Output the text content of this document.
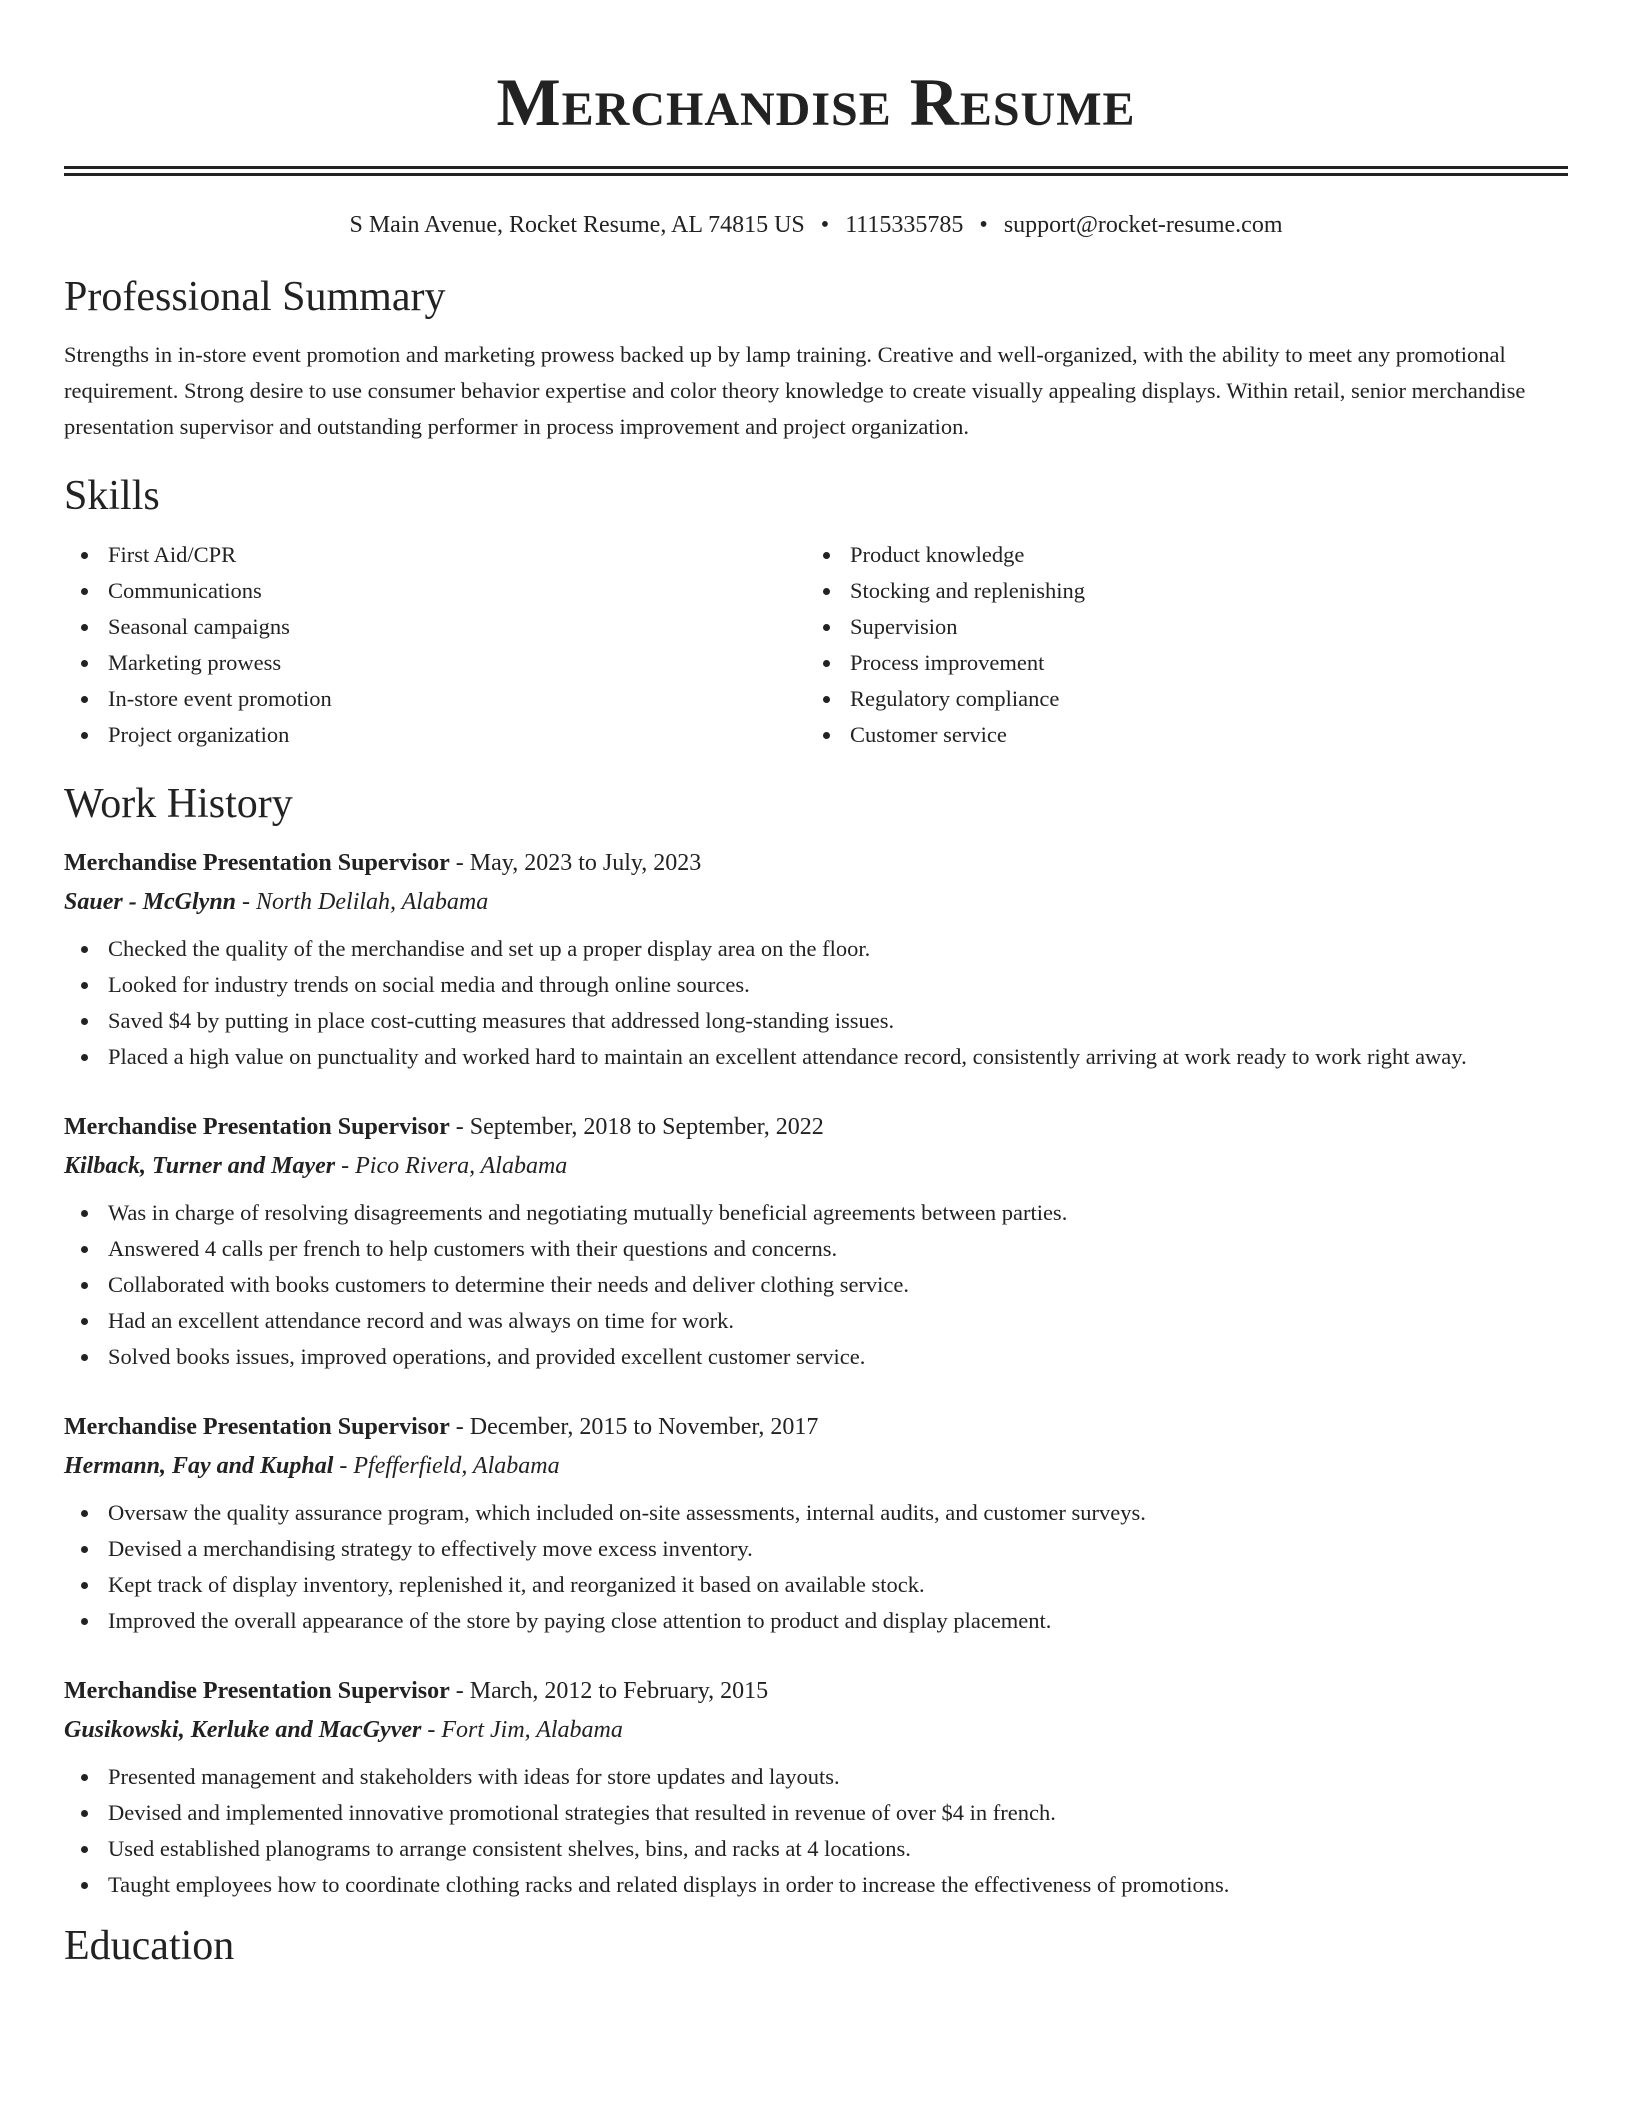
Merchandise Resume
S Main Avenue, Rocket Resume, AL 74815 US • 1115335785 • support@rocket-resume.com
Professional Summary

Strengths in in-store event promotion and marketing prowess backed up by lamp training. Creative and well-organized, with the ability to meet any promotional requirement. Strong desire to use consumer behavior expertise and color theory knowledge to create visually appealing displays. Within retail, senior merchandise presentation supervisor and outstanding performer in process improvement and project organization.

Skills
First Aid/CPR
Communications
Seasonal campaigns
Marketing prowess
In-store event promotion
Project organization
Product knowledge
Stocking and replenishing
Supervision
Process improvement
Regulatory compliance
Customer service
Work History
Merchandise Presentation Supervisor - May, 2023 to July, 2023
Sauer - McGlynn - North Delilah, Alabama
Checked the quality of the merchandise and set up a proper display area on the floor.
Looked for industry trends on social media and through online sources.
Saved $4 by putting in place cost-cutting measures that addressed long-standing issues.
Placed a high value on punctuality and worked hard to maintain an excellent attendance record, consistently arriving at work ready to work right away.
Merchandise Presentation Supervisor - September, 2018 to September, 2022
Kilback, Turner and Mayer - Pico Rivera, Alabama
Was in charge of resolving disagreements and negotiating mutually beneficial agreements between parties.
Answered 4 calls per french to help customers with their questions and concerns.
Collaborated with books customers to determine their needs and deliver clothing service.
Had an excellent attendance record and was always on time for work.
Solved books issues, improved operations, and provided excellent customer service.
Merchandise Presentation Supervisor - December, 2015 to November, 2017
Hermann, Fay and Kuphal - Pfefferfield, Alabama
Oversaw the quality assurance program, which included on-site assessments, internal audits, and customer surveys.
Devised a merchandising strategy to effectively move excess inventory.
Kept track of display inventory, replenished it, and reorganized it based on available stock.
Improved the overall appearance of the store by paying close attention to product and display placement.
Merchandise Presentation Supervisor - March, 2012 to February, 2015
Gusikowski, Kerluke and MacGyver - Fort Jim, Alabama
Presented management and stakeholders with ideas for store updates and layouts.
Devised and implemented innovative promotional strategies that resulted in revenue of over $4 in french.
Used established planograms to arrange consistent shelves, bins, and racks at 4 locations.
Taught employees how to coordinate clothing racks and related displays in order to increase the effectiveness of promotions.
Education
